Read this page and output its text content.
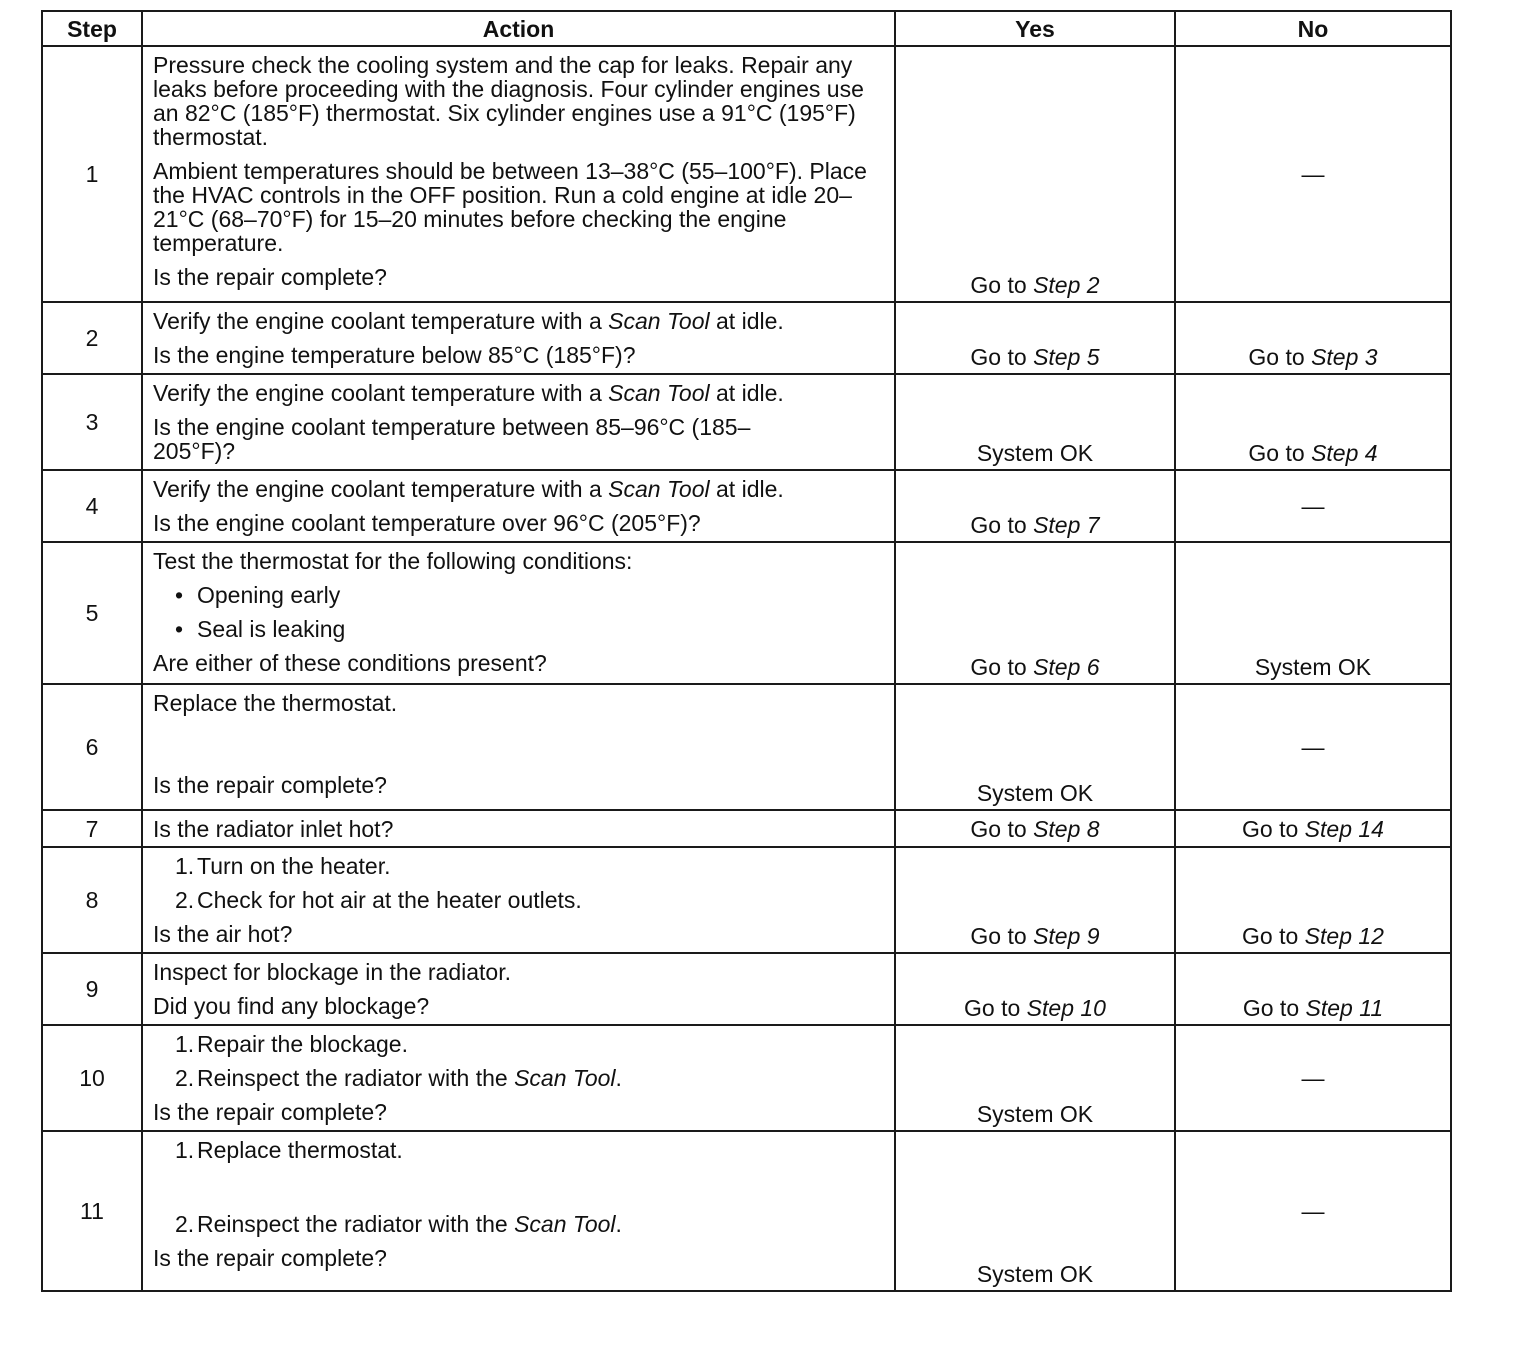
Step	Action	Yes	No
1	Pressure check the cooling system and the cap for leaks. Repair any leaks before proceeding with the diagnosis. Four cylinder engines use an 82°C (185°F) thermostat. Six cylinder engines use a 91°C (195°F) thermostat.
Ambient temperatures should be between 13–38°C (55–100°F). Place the HVAC controls in the OFF position. Run a cold engine at idle 20–21°C (68–70°F) for 15–20 minutes before checking the engine temperature.
Is the repair complete?	Go to Step 2	—
2	Verify the engine coolant temperature with a Scan Tool at idle.
Is the engine temperature below 85°C (185°F)?	Go to Step 5	Go to Step 3
3	Verify the engine coolant temperature with a Scan Tool at idle.
Is the engine coolant temperature between 85–96°C (185–205°F)?	System OK	Go to Step 4
4	Verify the engine coolant temperature with a Scan Tool at idle.
Is the engine coolant temperature over 96°C (205°F)?	Go to Step 7	—
5	Test the thermostat for the following conditions:
• Opening early
• Seal is leaking
Are either of these conditions present?	Go to Step 6	System OK
6	Replace the thermostat.
Is the repair complete?	System OK	—
7	Is the radiator inlet hot?	Go to Step 8	Go to Step 14
8	1. Turn on the heater.
2. Check for hot air at the heater outlets.
Is the air hot?	Go to Step 9	Go to Step 12
9	Inspect for blockage in the radiator.
Did you find any blockage?	Go to Step 10	Go to Step 11
10	1. Repair the blockage.
2. Reinspect the radiator with the Scan Tool.
Is the repair complete?	System OK	—
11	1. Replace thermostat.
2. Reinspect the radiator with the Scan Tool.
Is the repair complete?	System OK	—
